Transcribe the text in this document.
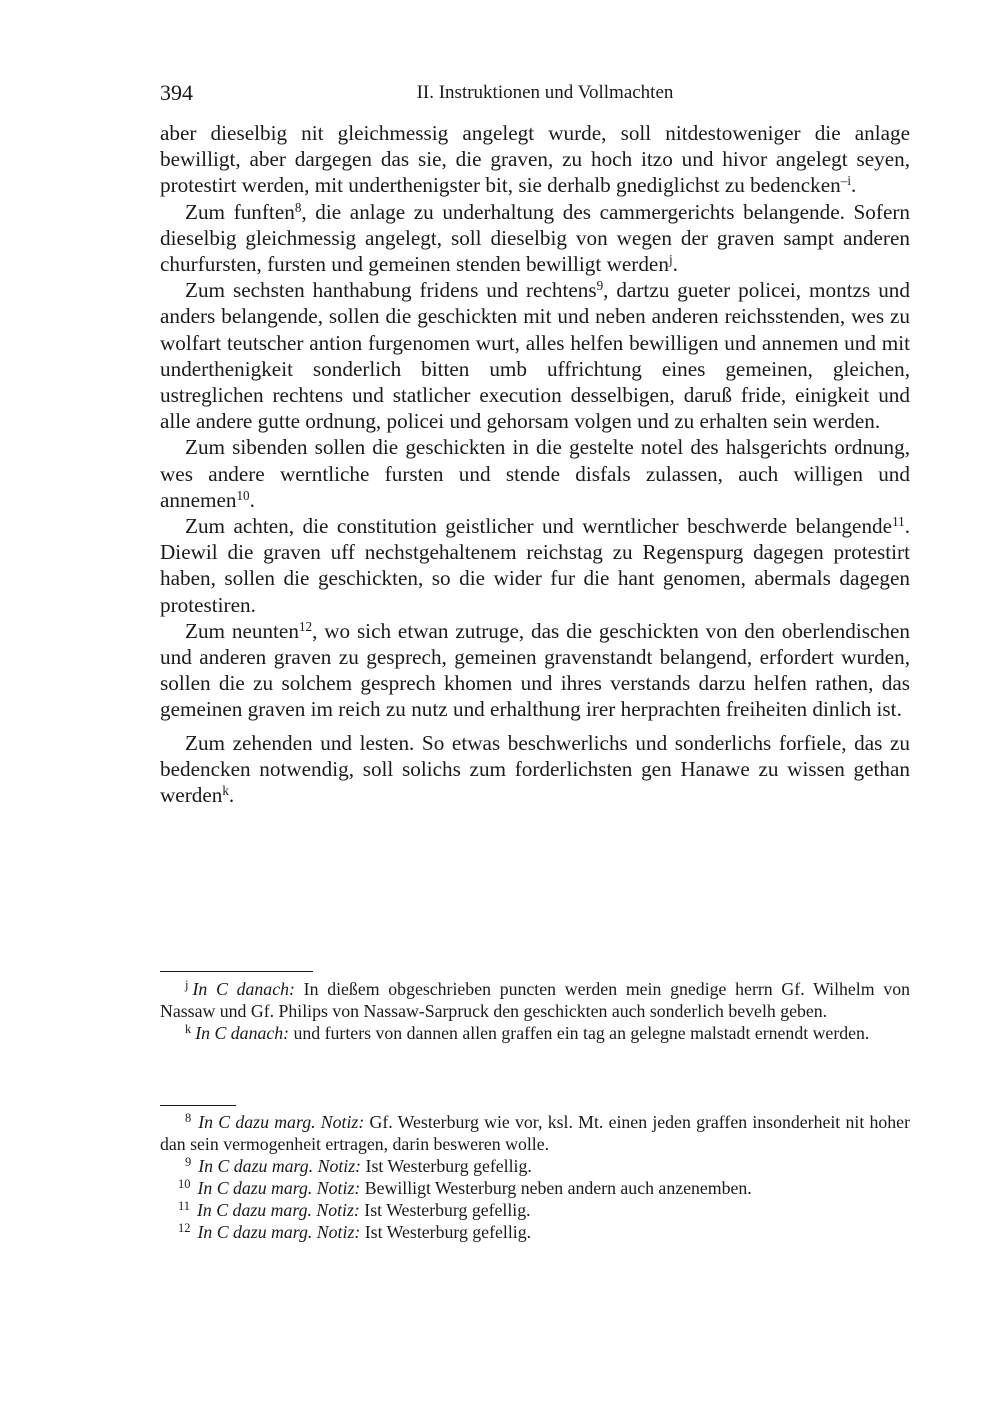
394	II. Instruktionen und Vollmachten

aber dieselbig nit gleichmessig angelegt wurde, soll nitdestoweniger die anlage bewilligt, aber dargegen das sie, die graven, zu hoch itzo und hivor angelegt seyen, protestirt werden, mit underthenigster bit, sie derhalb gnediglichst zu bedencken$^{-i}$.

Zum funften$^8$, die anlage zu underhaltung des cammergerichts belangende. Sofern dieselbig gleichmessig angelegt, soll dieselbig von wegen der graven sampt anderen churfursten, fursten und gemeinen stenden bewilligt werden$^j$.

Zum sechsten hanthabung fridens und rechtens$^9$, dartzu gueter policei, montzs und anders belangende, sollen die geschickten mit und neben anderen reichsstenden, wes zu wolfart teutscher antion furgenomen wurt, alles helfen bewilligen und annemen und mit underthenigkeit sonderlich bitten umb uffrichtung eines gemeinen, gleichen, ustreglichen rechtens und statlicher execution desselbigen, daruß fride, einigkeit und alle andere gutte ordnung, policei und gehorsam volgen und zu erhalten sein werden.

Zum sibenden sollen die geschickten in die gestelte notel des halsgerichts ordnung, wes andere werntliche fursten und stende disfals zulassen, auch willigen und annemen$^{10}$.

Zum achten, die constitution geistlicher und werntlicher beschwerde belangende$^{11}$. Diewil die graven uff nechstgehaltenem reichstag zu Regenspurg dagegen protestirt haben, sollen die geschickten, so die wider fur die hant genomen, abermals dagegen protestiren.

Zum neunten$^{12}$, wo sich etwan zutruge, das die geschickten von den oberlendischen und anderen graven zu gesprech, gemeinen gravenstandt belangend, erfordert wurden, sollen die zu solchem gesprech khomen und ihres verstands darzu helfen rathen, das gemeinen graven im reich zu nutz und erhalthung irer herprachten freiheiten dinlich ist.

Zum zehenden und lesten. So etwas beschwerlichs und sonderlichs forfiele, das zu bedencken notwendig, soll solichs zum forderlichsten gen Hanawe zu wissen gethan werden$^k$.

$^j$ In C danach: In dießem obgeschrieben puncten werden mein gnedige herrn Gf. Wilhelm von Nassaw und Gf. Philips von Nassaw-Sarpruck den geschickten auch sonderlich bevelh geben.

$^k$ In C danach: und furters von dannen allen graffen ein tag an gelegne malstadt ernendt werden.

$^8$ In C dazu marg. Notiz: Gf. Westerburg wie vor, ksl. Mt. einen jeden graffen insonderheit nit hoher dan sein vermogenheit ertragen, darin besweren wolle.

$^9$ In C dazu marg. Notiz: Ist Westerburg gefellig.

$^{10}$ In C dazu marg. Notiz: Bewilligt Westerburg neben andern auch anzenemben.

$^{11}$ In C dazu marg. Notiz: Ist Westerburg gefellig.

$^{12}$ In C dazu marg. Notiz: Ist Westerburg gefellig.
